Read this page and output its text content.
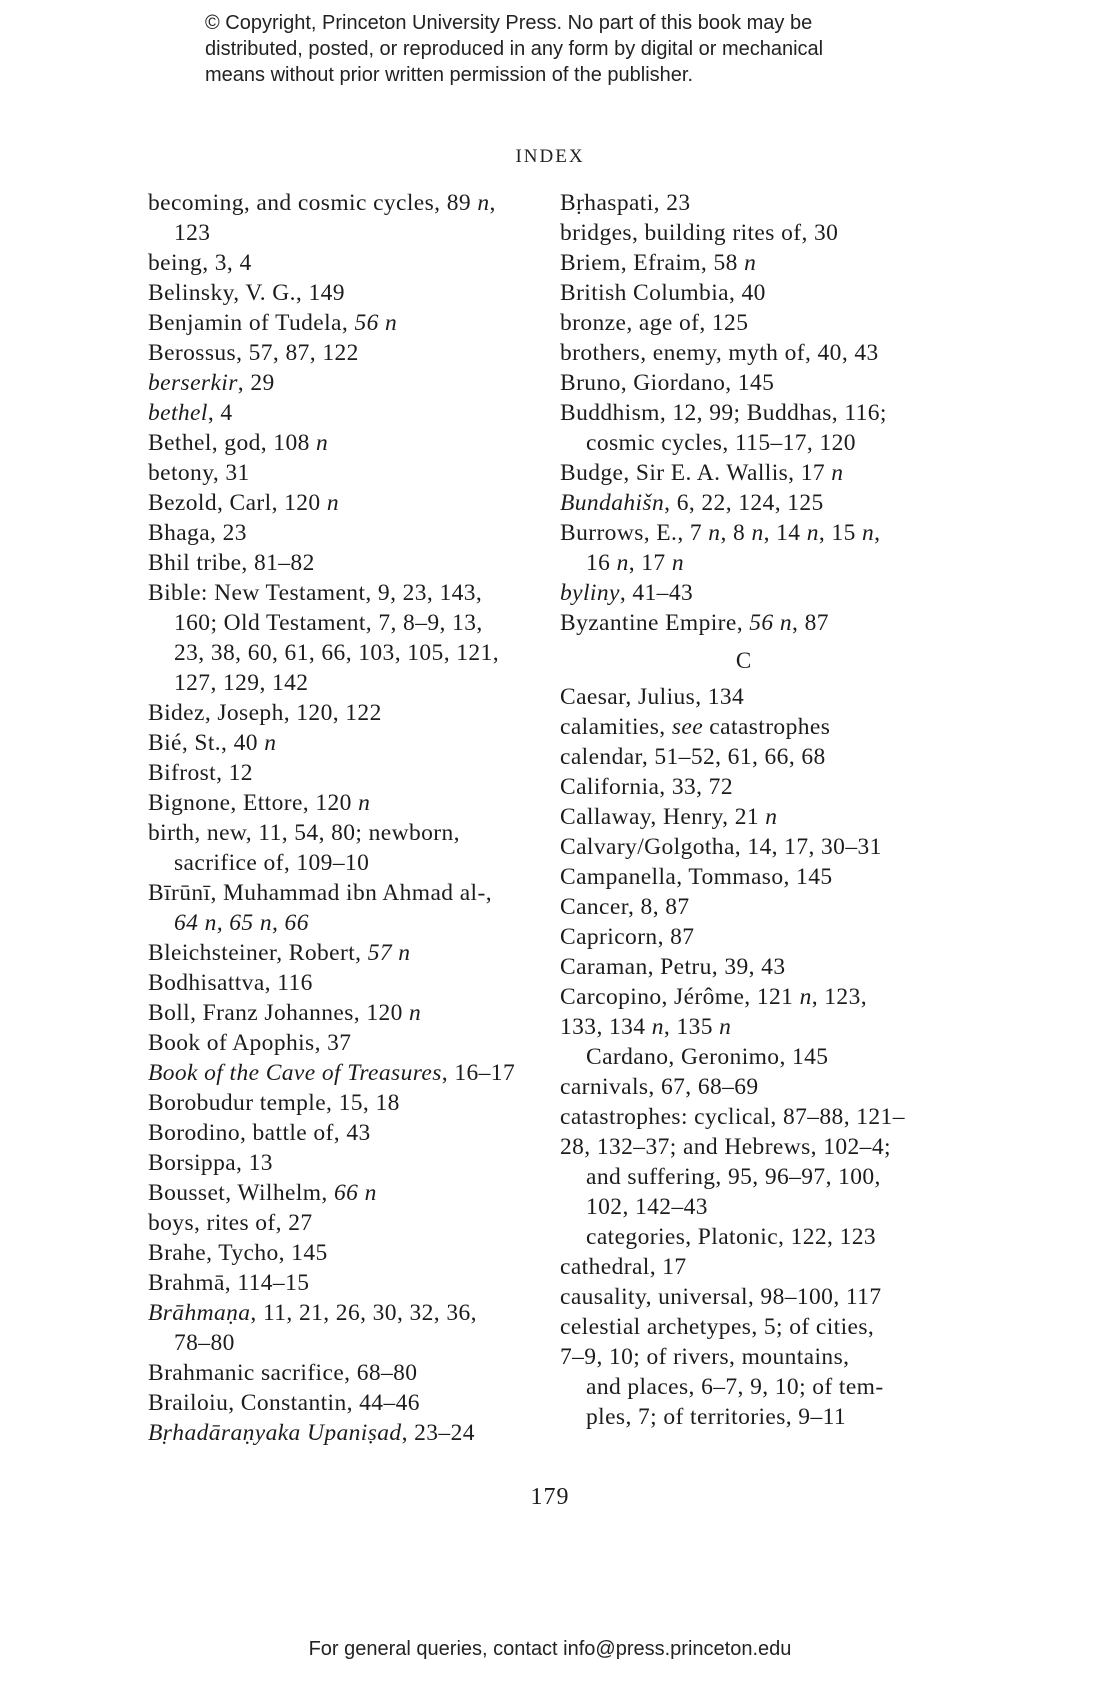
© Copyright, Princeton University Press. No part of this book may be
distributed, posted, or reproduced in any form by digital or mechanical
means without prior written permission of the publisher.
INDEX
becoming, and cosmic cycles, 89 n,
123
being, 3, 4
Belinsky, V. G., 149
Benjamin of Tudela, 56 n
Berossus, 57, 87, 122
berserkir, 29
bethel, 4
Bethel, god, 108 n
betony, 31
Bezold, Carl, 120 n
Bhaga, 23
Bhil tribe, 81–82
Bible: New Testament, 9, 23, 143,
160; Old Testament, 7, 8–9, 13,
23, 38, 60, 61, 66, 103, 105, 121,
127, 129, 142
Bidez, Joseph, 120, 122
Bié, St., 40 n
Bifrost, 12
Bignone, Ettore, 120 n
birth, new, 11, 54, 80; newborn,
sacrifice of, 109–10
Bīrūnī, Muhammad ibn Ahmad al-,
64 n, 65 n, 66
Bleichsteiner, Robert, 57 n
Bodhisattva, 116
Boll, Franz Johannes, 120 n
Book of Apophis, 37
Book of the Cave of Treasures, 16–17
Borobudur temple, 15, 18
Borodino, battle of, 43
Borsippa, 13
Bousset, Wilhelm, 66 n
boys, rites of, 27
Brahe, Tycho, 145
Brahmā, 114–15
Brāhmaṇa, 11, 21, 26, 30, 32, 36,
78–80
Brahmanic sacrifice, 68–80
Brailoiu, Constantin, 44–46
Bṛhadāraṇyaka Upaniṣad, 23–24
Bṛhaspati, 23
bridges, building rites of, 30
Briem, Efraim, 58 n
British Columbia, 40
bronze, age of, 125
brothers, enemy, myth of, 40, 43
Bruno, Giordano, 145
Buddhism, 12, 99; Buddhas, 116;
cosmic cycles, 115–17, 120
Budge, Sir E. A. Wallis, 17 n
Bundahišn, 6, 22, 124, 125
Burrows, E., 7 n, 8 n, 14 n, 15 n,
16 n, 17 n
byliny, 41–43
Byzantine Empire, 56 n, 87
C
Caesar, Julius, 134
calamities, see catastrophes
calendar, 51–52, 61, 66, 68
California, 33, 72
Callaway, Henry, 21 n
Calvary/Golgotha, 14, 17, 30–31
Campanella, Tommaso, 145
Cancer, 8, 87
Capricorn, 87
Caraman, Petru, 39, 43
Carcopino, Jérôme, 121 n, 123,
133, 134 n, 135 n
Cardano, Geronimo, 145
carnivals, 67, 68–69
catastrophes: cyclical, 87–88, 121–
28, 132–37; and Hebrews, 102–4;
and suffering, 95, 96–97, 100,
102, 142–43
categories, Platonic, 122, 123
cathedral, 17
causality, universal, 98–100, 117
celestial archetypes, 5; of cities,
7–9, 10; of rivers, mountains,
and places, 6–7, 9, 10; of tem-
ples, 7; of territories, 9–11
179
For general queries, contact info@press.princeton.edu
